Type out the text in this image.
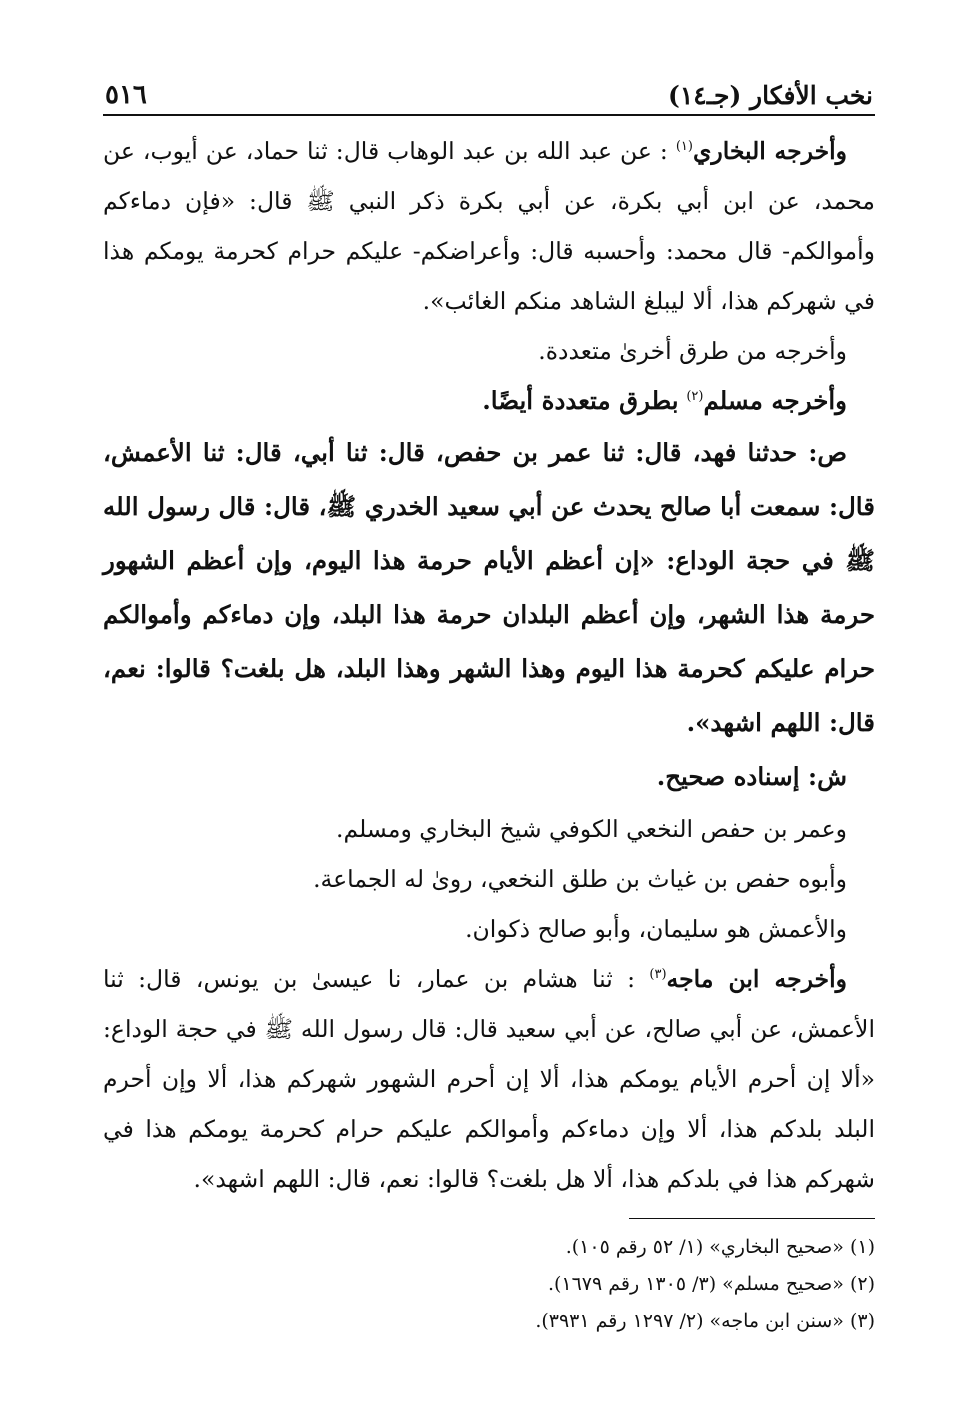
نخب الأفكار (جـ١٤)
٥١٦

وأخرجه البخاري$^{(١)}$ : عن عبد الله بن عبد الوهاب قال: ثنا حماد، عن أيوب، عن محمد، عن ابن أبي بكرة، عن أبي بكرة ذكر النبي ﷺ قال: «فإن دماءكم وأموالكم- قال محمد: وأحسبه قال: وأعراضكم- عليكم حرام كحرمة يومكم هذا في شهركم هذا، ألا ليبلغ الشاهد منكم الغائب».

وأخرجه من طرق أخرىٰ متعددة.

وأخرجه مسلم$^{(٢)}$ بطرق متعددة أيضًا.

ص: حدثنا فهد، قال: ثنا عمر بن حفص، قال: ثنا أبي، قال: ثنا الأعمش، قال: سمعت أبا صالح يحدث عن أبي سعيد الخدري ﷺ، قال: قال رسول الله ﷺ في حجة الوداع: «إن أعظم الأيام حرمة هذا اليوم، وإن أعظم الشهور حرمة هذا الشهر، وإن أعظم البلدان حرمة هذا البلد، وإن دماءكم وأموالكم حرام عليكم كحرمة هذا اليوم وهذا الشهر وهذا البلد، هل بلغت؟ قالوا: نعم، قال: اللهم اشهد».

ش: إسناده صحيح.

وعمر بن حفص النخعي الكوفي شيخ البخاري ومسلم.

وأبوه حفص بن غياث بن طلق النخعي، روىٰ له الجماعة.

والأعمش هو سليمان، وأبو صالح ذكوان.

وأخرجه ابن ماجه$^{(٣)}$ : ثنا هشام بن عمار، نا عيسىٰ بن يونس، قال: ثنا الأعمش، عن أبي صالح، عن أبي سعيد قال: قال رسول الله ﷺ في حجة الوداع: «ألا إن أحرم الأيام يومكم هذا، ألا إن أحرم الشهور شهركم هذا، ألا وإن أحرم البلد بلدكم هذا، ألا وإن دماءكم وأموالكم عليكم حرام كحرمة يومكم هذا في شهركم هذا في بلدكم هذا، ألا هل بلغت؟ قالوا: نعم، قال: اللهم اشهد».

(١) «صحيح البخاري» (١/ ٥٢ رقم ١٠٥).

(٢) «صحيح مسلم» (٣/ ١٣٠٥ رقم ١٦٧٩).

(٣) «سنن ابن ماجه» (٢/ ١٢٩٧ رقم ٣٩٣١).
